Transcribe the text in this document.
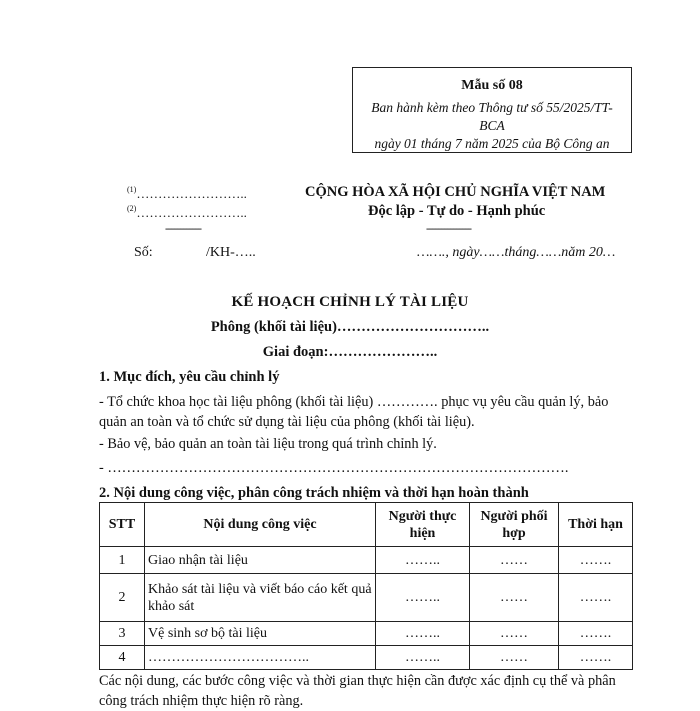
Mẫu số 08
Ban hành kèm theo Thông tư số 55/2025/TT-
BCA
ngày 01 tháng 7 năm 2025 của Bộ Công an
$^{(1)}$……………………..
$^{(2)}$……………………..
------------
CỘNG HÒA XÃ HỘI CHỦ NGHĨA VIỆT NAM
Độc lập - Tự do - Hạnh phúc
---------------
Số:	/KH-…..	……., ngày……tháng……năm 20…
KẾ HOẠCH CHỈNH LÝ TÀI LIỆU
Phông (khối tài liệu)…………………………..
Giai đoạn:…………………..
1. Mục đích, yêu cầu chỉnh lý
- Tổ chức khoa học tài liệu phông (khối tài liệu) …………. phục vụ yêu cầu quản lý, bảo quản an toàn và tổ chức sử dụng tài liệu của phông (khối tài liệu).
- Bảo vệ, bảo quản an toàn tài liệu trong quá trình chỉnh lý.
- …………………………………………………………………………………….
2. Nội dung công việc, phân công trách nhiệm và thời hạn hoàn thành
STT	Nội dung công việc	Người thực hiện	Người phối hợp	Thời hạn
1	Giao nhận tài liệu	……..	……	…….
2	Khảo sát tài liệu và viết báo cáo kết quả khảo sát	……..	……	…….
3	Vệ sinh sơ bộ tài liệu	……..	……	…….
4	……………………………..	……..	……	…….
Các nội dung, các bước công việc và thời gian thực hiện cần được xác định cụ thể và phân công trách nhiệm thực hiện rõ ràng.
